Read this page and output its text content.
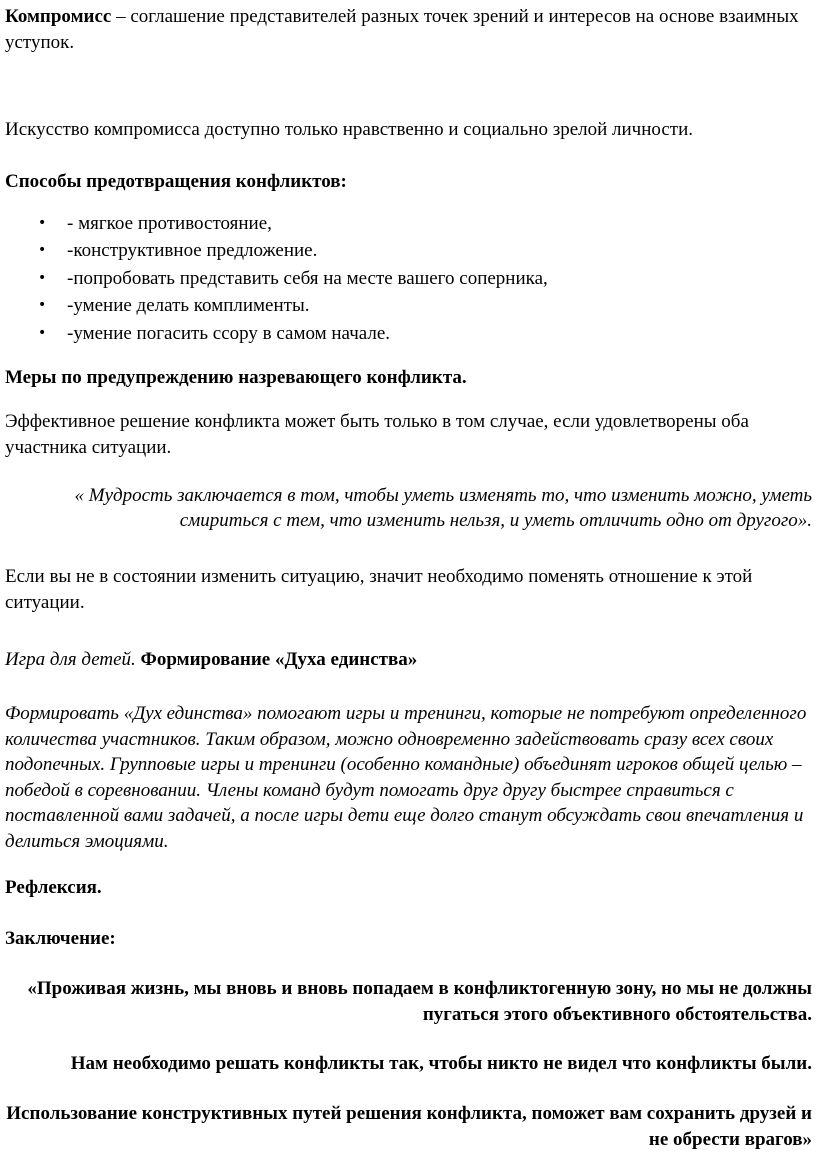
Компромисс – соглашение представителей разных точек зрений и интересов на основе взаимных уступок.

Искусство компромисса доступно только нравственно и социально зрелой личности.

Способы предотвращения конфликтов:

•	- мягкое противостояние,
•	-конструктивное предложение.
•	-попробовать представить себя на месте вашего соперника,
•	-умение делать комплименты.
•	-умение погасить ссору в самом начале.

Меры по предупреждению назревающего конфликта.

Эффективное решение конфликта может быть только в том случае, если удовлетворены оба участника ситуации.

« Мудрость заключается в том, чтобы уметь изменять то, что изменить можно, уметь смириться с тем, что изменить нельзя, и уметь отличить одно от другого».

Если вы не в состоянии изменить ситуацию, значит необходимо поменять отношение к этой ситуации.

Игра для детей. Формирование «Духа единства»

Формировать «Дух единства» помогают игры и тренинги, которые не потребуют определенного количества участников. Таким образом, можно одновременно задействовать сразу всех своих подопечных. Групповые игры и тренинги (особенно командные) объединят игроков общей целью – победой в соревновании. Члены команд будут помогать друг другу быстрее справиться с поставленной вами задачей, а после игры дети еще долго станут обсуждать свои впечатления и делиться эмоциями.

Рефлексия.

Заключение:

«Проживая жизнь, мы вновь и вновь попадаем в конфликтогенную зону, но мы не должны пугаться этого объективного обстоятельства.

Нам необходимо решать конфликты так, чтобы никто не видел что конфликты были.

Использование конструктивных путей решения конфликта, поможет вам сохранить друзей и не обрести врагов»
